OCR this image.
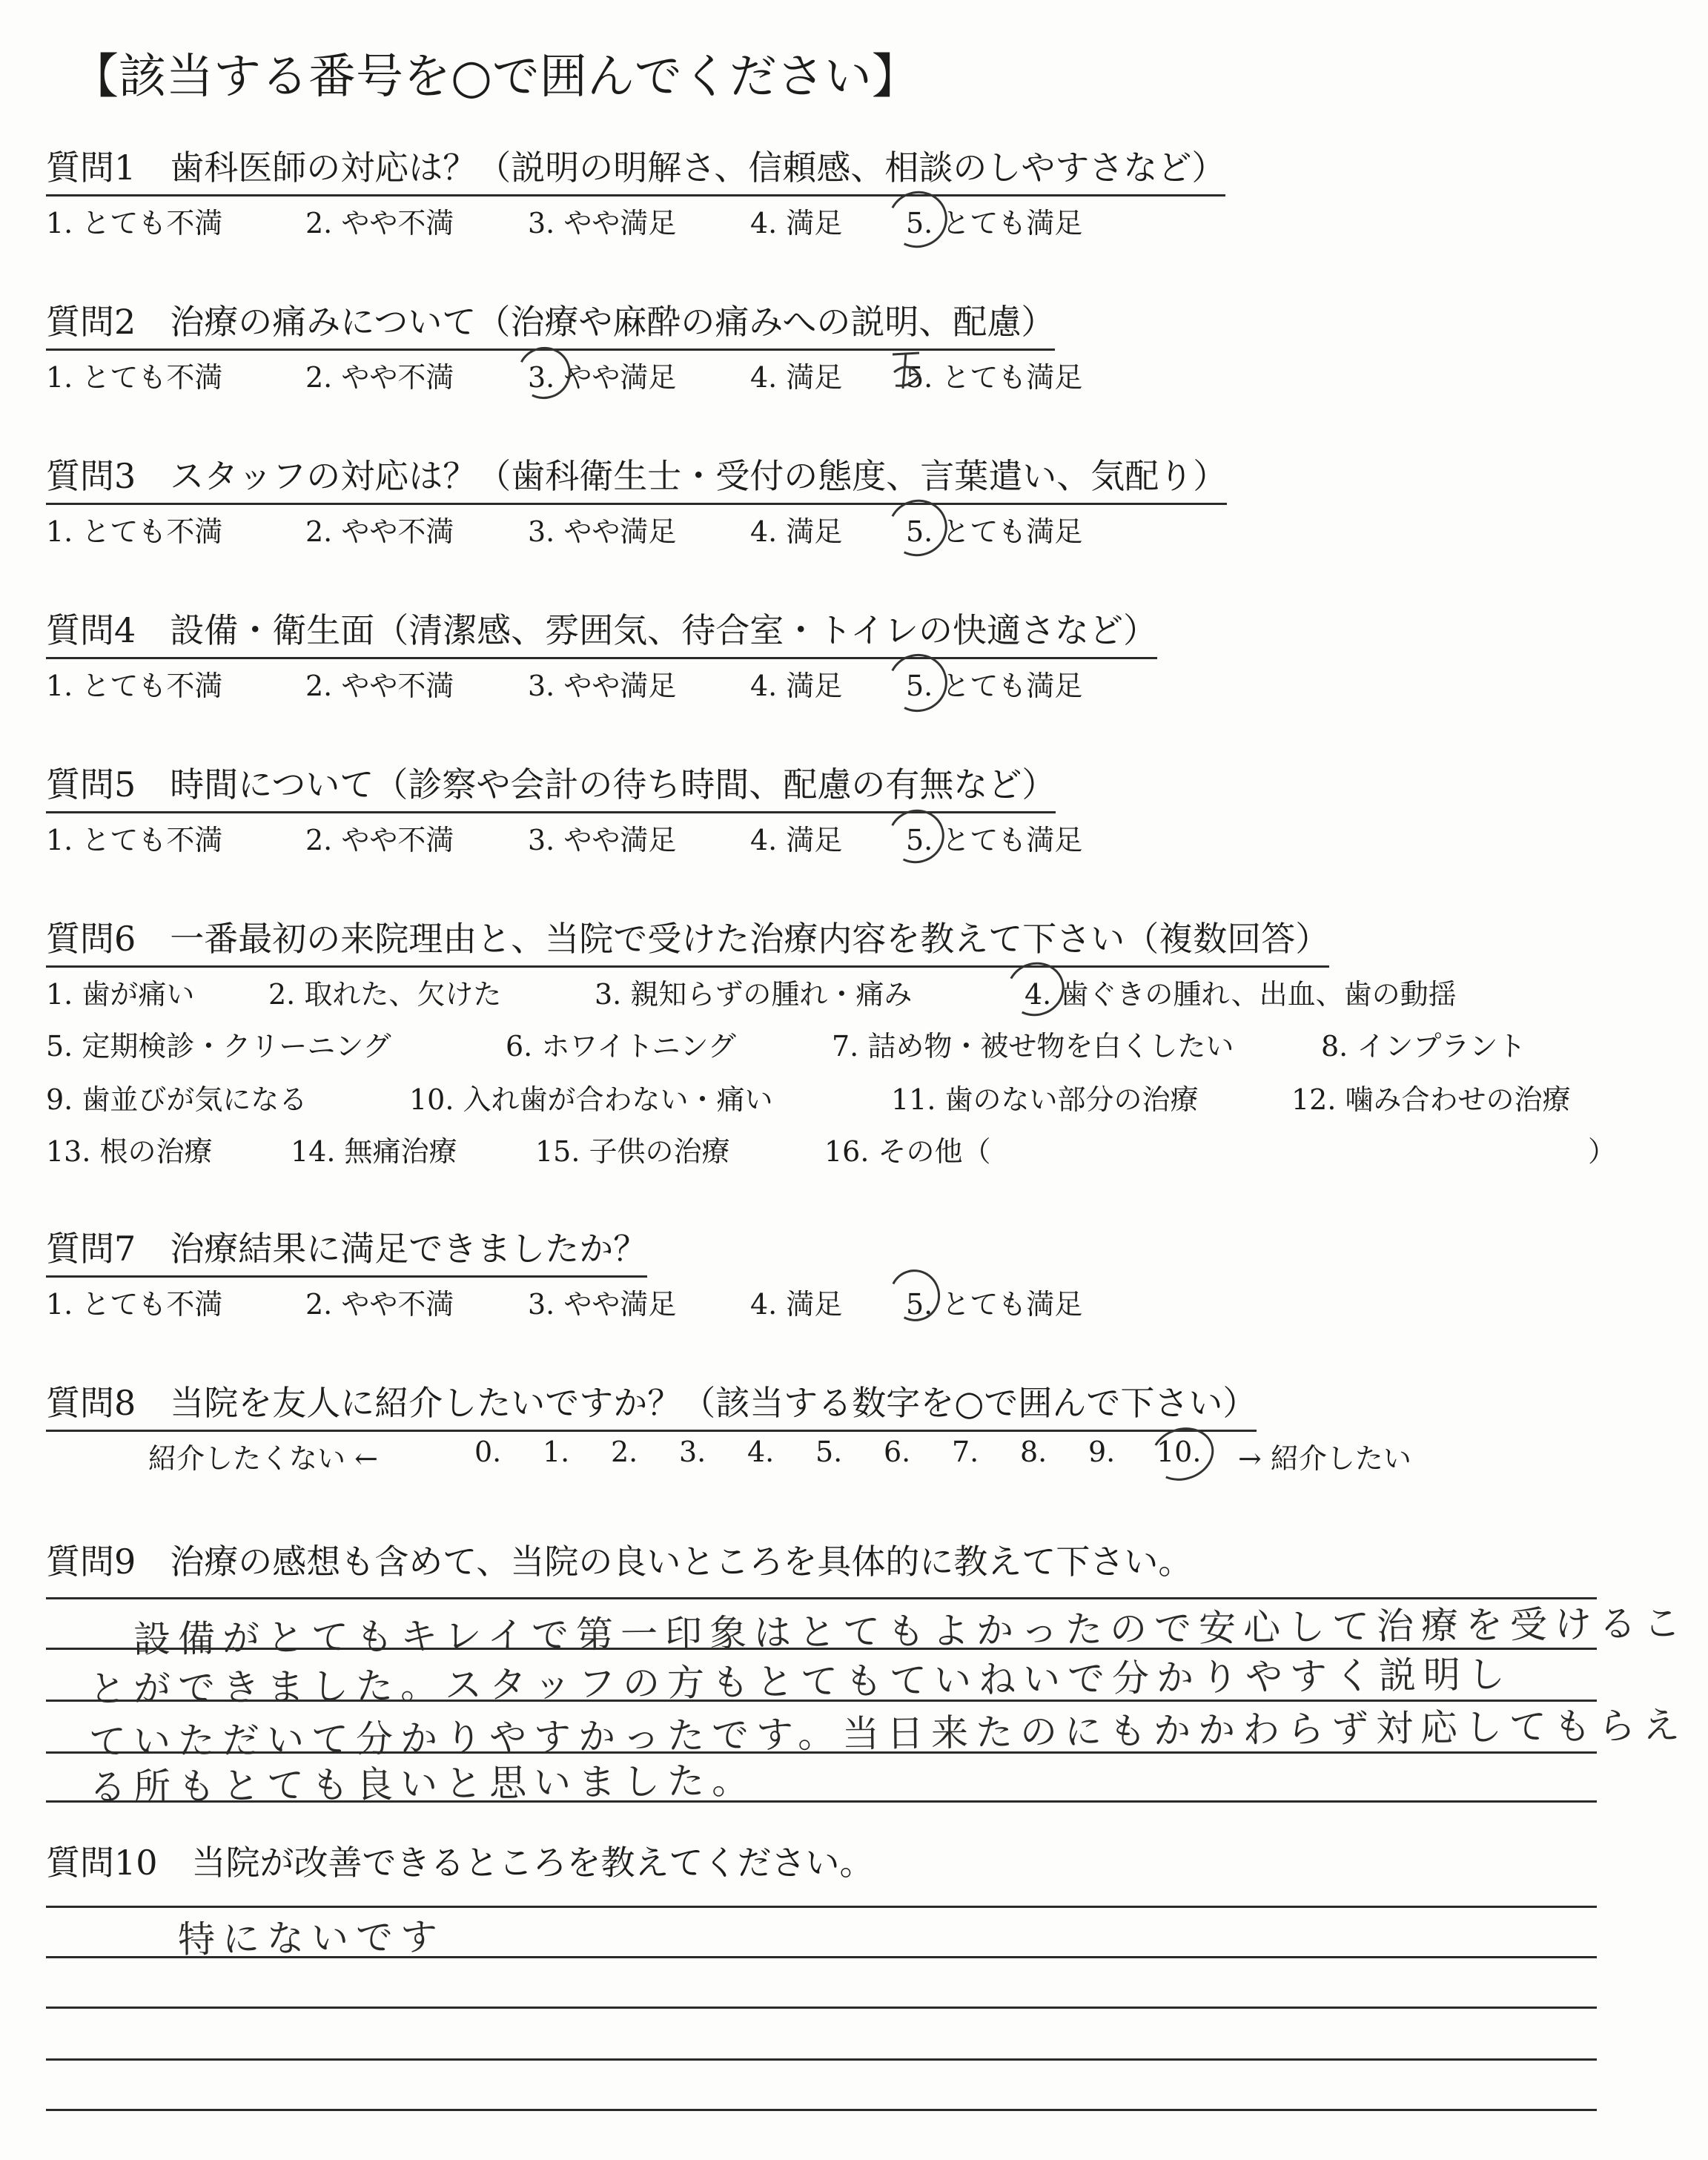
【該当する番号を○で囲んでください】
質問1　歯科医師の対応は？（説明の明解さ、信頼感、相談のしやすさなど）
1. とても不満	2. やや不満	3. やや満足	4. 満足 5. とても満足
質問2　治療の痛みについて（治療や麻酔の痛みへの説明、配慮）
1. とても不満	2. やや不満	3. やや満足	4. 満足 5. とても満足
質問3　スタッフの対応は？（歯科衛生士・受付の態度、言葉遣い、気配り）
1. とても不満	2. やや不満	3. やや満足	4. 満足 5. とても満足
質問4　設備・衛生面（清潔感、雰囲気、待合室・トイレの快適さなど）
1. とても不満	2. やや不満	3. やや満足	4. 満足 5. とても満足
質問5　時間について（診察や会計の待ち時間、配慮の有無など）
1. とても不満	2. やや不満	3. やや満足	4. 満足 5. とても満足
質問6　一番最初の来院理由と、当院で受けた治療内容を教えて下さい（複数回答）
1. 歯が痛い	2. 取れた、欠けた	3. 親知らずの腫れ・痛み	4. 歯ぐきの腫れ、出血、歯の動揺
5. 定期検診・クリーニング	6. ホワイトニング	7. 詰め物・被せ物を白くしたい	8. インプラント
9. 歯並びが気になる	10. 入れ歯が合わない・痛い	11. 歯のない部分の治療	12. 噛み合わせの治療
13. 根の治療	14. 無痛治療	15. 子供の治療	16. その他（	）
質問7　治療結果に満足できましたか？
1. とても不満	2. やや不満	3. やや満足	4. 満足 5. とても満足
質問8　当院を友人に紹介したいですか？（該当する数字を○で囲んで下さい）
紹介したくない ←	0. 1. 2. 3. 4. 5. 6. 7. 8. 9. 10. → 紹介したい
質問9　治療の感想も含めて、当院の良いところを具体的に教えて下さい。
設備がとてもキレイで第一印象はとてもよかったので安心して治療を受けるこ
とができました。スタッフの方もとてもていねいで分かりやすく説明し
ていただいて分かりやすかったです。当日来たのにもかかわらず対応してもらえ
る所もとても良いと思いました。
質問10　当院が改善できるところを教えてください。
特にないです
